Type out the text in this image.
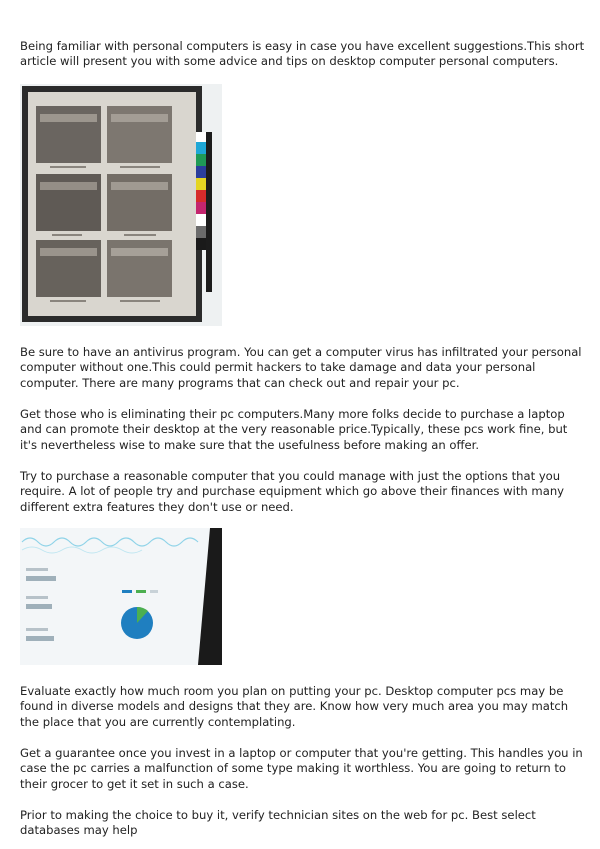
Being familiar with personal computers is easy in case you have excellent suggestions.This short article will present you with some advice and tips on desktop computer personal computers.

Be sure to have an antivirus program. You can get a computer virus has infiltrated your personal computer without one.This could permit hackers to take damage and data your personal computer. There are many programs that can check out and repair your pc.

Get those who is eliminating their pc computers.Many more folks decide to purchase a laptop and can promote their desktop at the very reasonable price.Typically, these pcs work fine, but it's nevertheless wise to make sure that the usefulness before making an offer.

Try to purchase a reasonable computer that you could manage with just the options that you require. A lot of people try and purchase equipment which go above their finances with many different extra features they don't use or need.

Evaluate exactly how much room you plan on putting your pc. Desktop computer pcs may be found in diverse models and designs that they are. Know how very much area you may match the place that you are currently contemplating.

Get a guarantee once you invest in a laptop or computer that you're getting. This handles you in case the pc carries a malfunction of some type making it worthless. You are going to return to their grocer to get it set in such a case.

Prior to making the choice to buy it, verify technician sites on the web for pc. Best select databases may help
